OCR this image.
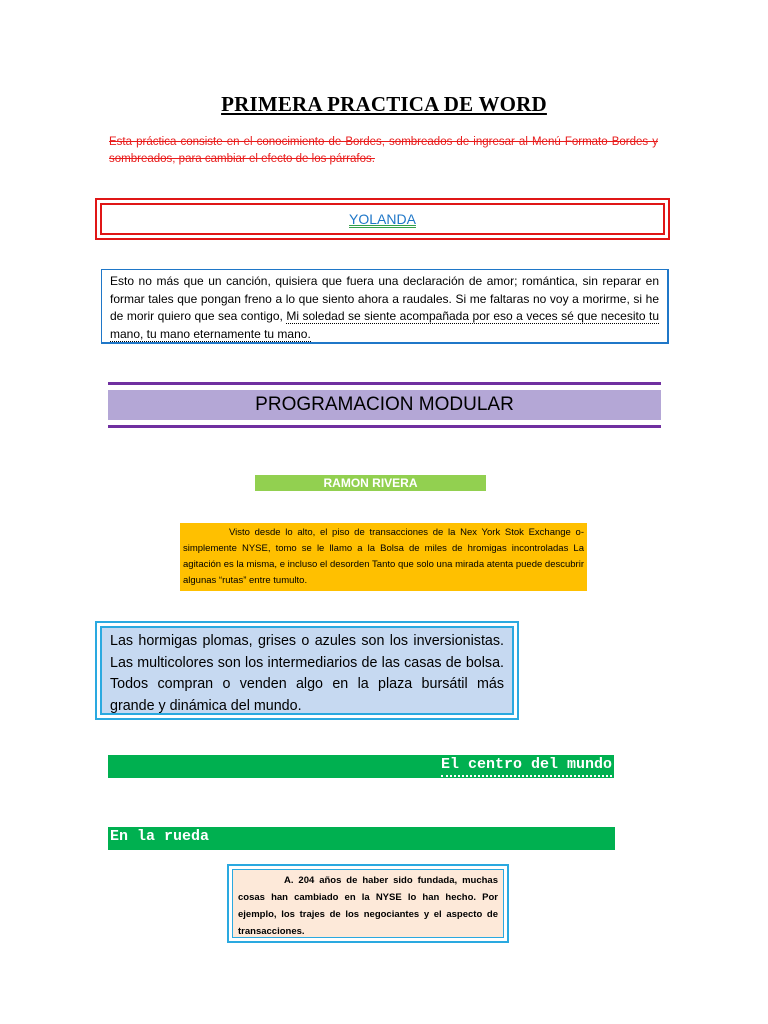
PRIMERA PRACTICA DE WORD
Esta práctica consiste en el conocimiento de Bordes, sombreados de ingresar al Menú Formato Bordes y sombreados, para cambiar el efecto de los párrafos.
YOLANDA
Esto no más que un canción, quisiera que fuera una declaración de amor; romántica, sin reparar en formar tales que pongan freno a lo que siento ahora a raudales. Si me faltaras no voy a morirme, si he de morir quiero que sea contigo, Mi soledad se siente acompañada por eso a veces sé que necesito tu mano, tu mano eternamente tu mano.
PROGRAMACION MODULAR
RAMON RIVERA
Visto desde lo alto, el piso de transacciones de la Nex York Stok Exchange o- simplemente NYSE, tomo se le llamo a la Bolsa de miles de hromigas incontroladas La agitación es la misma, e incluso el desorden Tanto que solo una mirada atenta puede descubrir algunas “rutas” entre tumulto.
Las hormigas plomas, grises o azules son los inversionistas. Las multicolores son los intermediarios de las casas de bolsa. Todos compran o venden algo en la plaza bursátil más grande y dinámica del mundo.
El centro del mundo
En la rueda
A. 204 años de haber sido fundada, muchas cosas han cambiado en la NYSE lo han hecho. Por ejemplo, los trajes de los negociantes y el aspecto de transacciones.
